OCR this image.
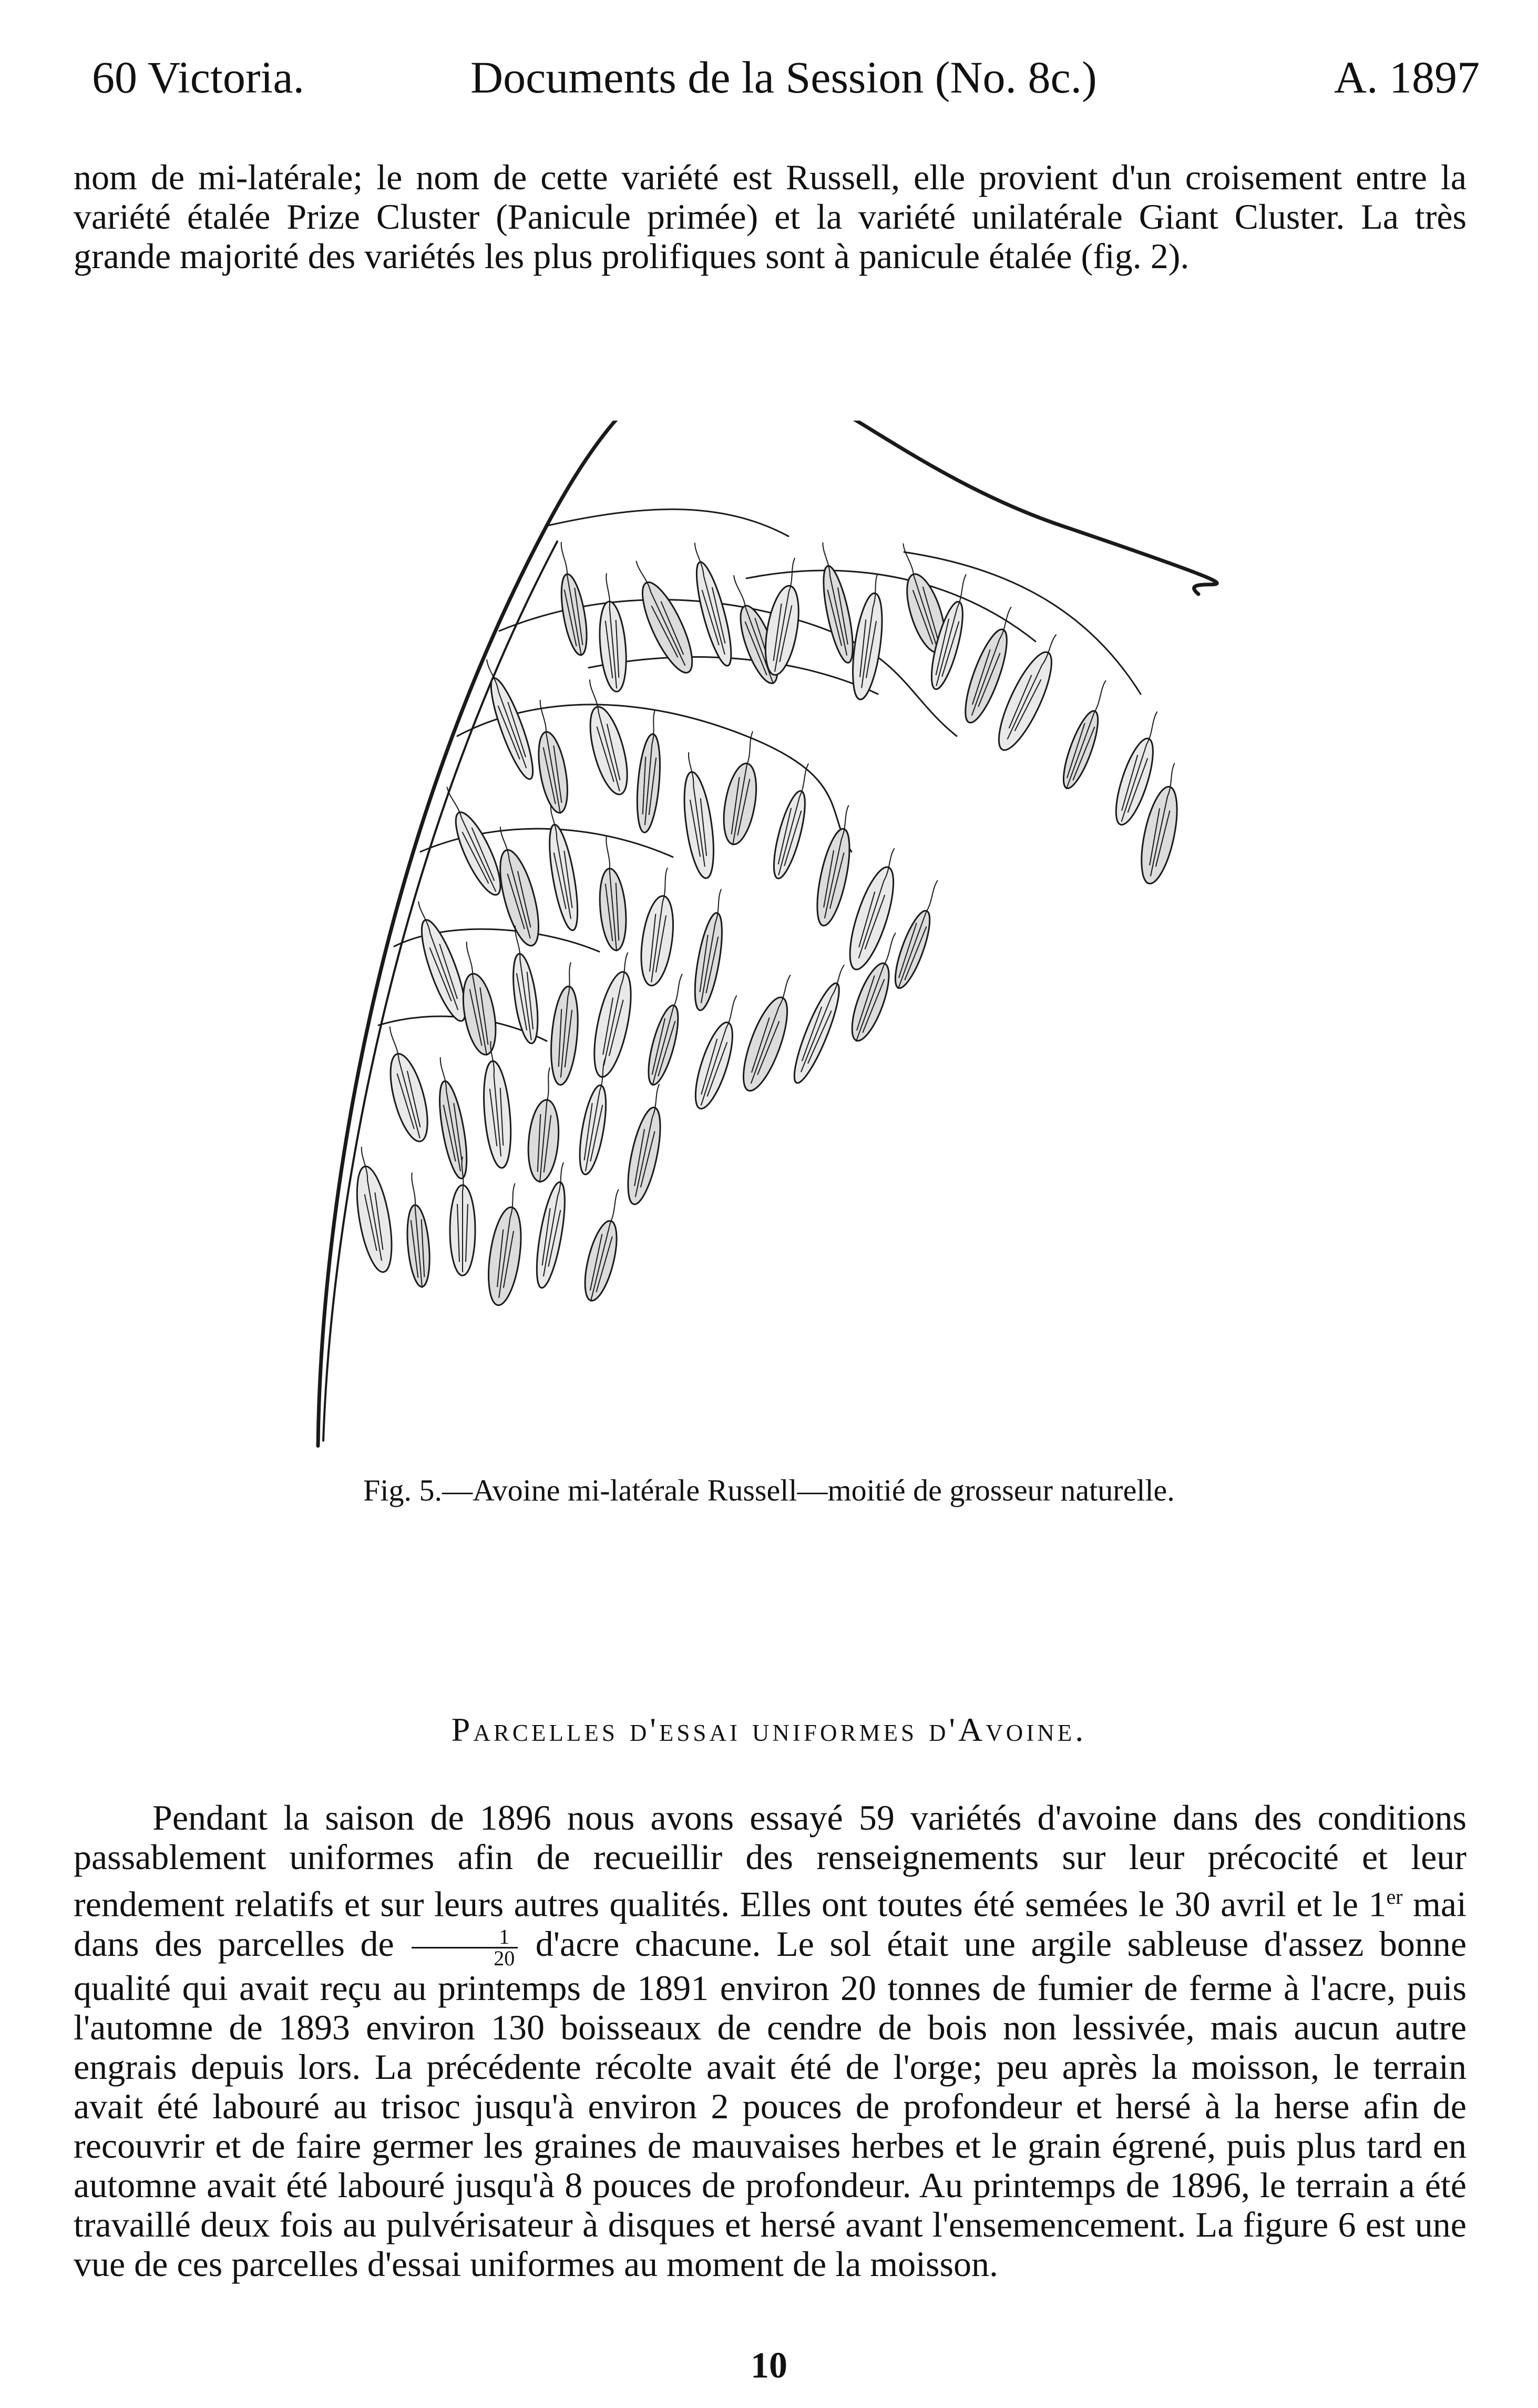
60 Victoria.	Documents de la Session (No. 8c.)	A. 1897

nom de mi-latérale; le nom de cette variété est Russell, elle provient d'un croisement entre la variété étalée Prize Cluster (Panicule primée) et la variété unilatérale Giant Cluster. La très grande majorité des variétés les plus prolifiques sont à panicule étalée (fig. 2).

Fig. 5.—Avoine mi-latérale Russell—moitié de grosseur naturelle.
Parcelles d'essai uniformes d'Avoine.

Pendant la saison de 1896 nous avons essayé 59 variétés d'avoine dans des conditions passablement uniformes afin de recueillir des renseignements sur leur précocité et leur rendement relatifs et sur leurs autres qualités. Elles ont toutes été semées le 30 avril et le 1er mai dans des parcelles de $\frac{1}{20}$ d'acre chacune. Le sol était une argile sableuse d'assez bonne qualité qui avait reçu au printemps de 1891 environ 20 tonnes de fumier de ferme à l'acre, puis l'automne de 1893 environ 130 boisseaux de cendre de bois non lessivée, mais aucun autre engrais depuis lors. La précédente récolte avait été de l'orge; peu après la moisson, le terrain avait été labouré au trisoc jusqu'à environ 2 pouces de profondeur et hersé à la herse afin de recouvrir et de faire germer les graines de mauvaises herbes et le grain égrené, puis plus tard en automne avait été labouré jusqu'à 8 pouces de profondeur. Au printemps de 1896, le terrain a été travaillé deux fois au pulvérisateur à disques et hersé avant l'ensemencement. La figure 6 est une vue de ces parcelles d'essai uniformes au moment de la moisson.

10
